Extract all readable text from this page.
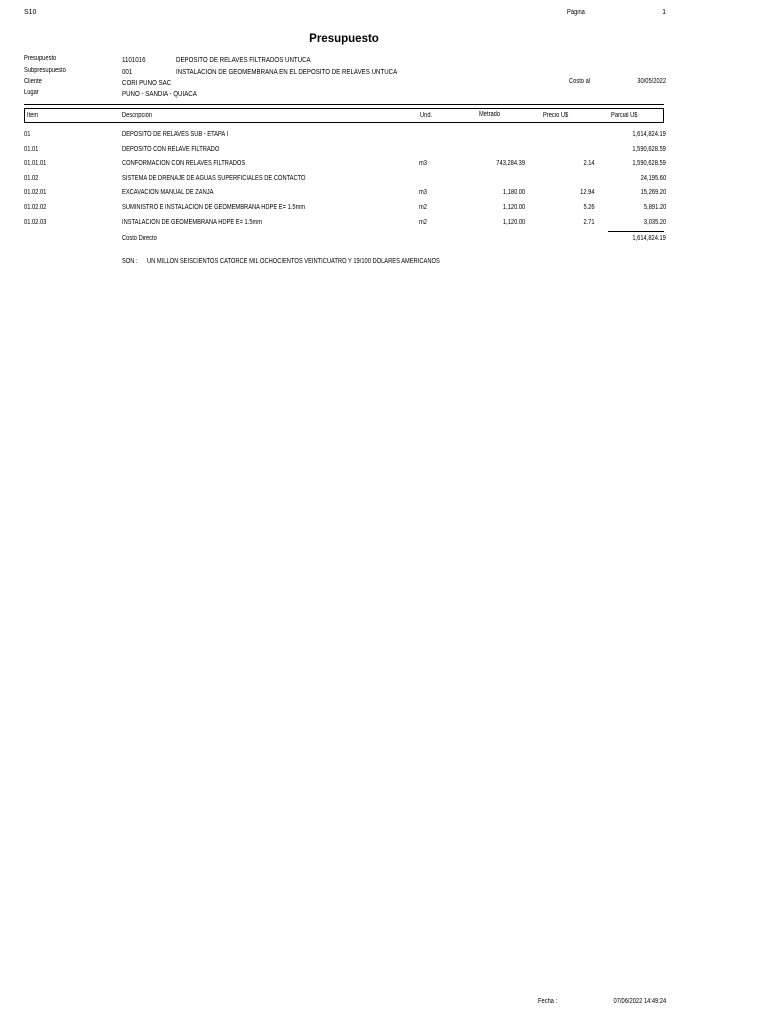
S10	Página	1
Presupuesto
Presupuesto	1101016	DEPOSITO DE RELAVES FILTRADOS UNTUCA
Subpresupuesto	001	INSTALACION DE GEOMEMBRANA EN EL DEPOSITO DE RELAVES UNTUCA
Cliente	CORI PUNO SAC	Costo al	30/05/2022
Lugar	PUNO - SANDIA - QUIACA
Item	Descripción	Und.	Metrado	Precio U$	Parcial U$
01	DEPOSITO DE RELAVES SUB - ETAPA I	1,614,824.19
01.01	DEPOSITO CON RELAVE FILTRADO	1,590,628.59
01.01.01	CONFORMACION CON RELAVES FILTRADOS	m3	743,284.39	2.14	1,590,628.59
01.02	SISTEMA DE DRENAJE DE AGUAS SUPERFICIALES DE CONTACTO	24,195.60
01.02.01	EXCAVACION MANUAL DE ZANJA	m3	1,180.00	12.94	15,269.20
01.02.02	SUMINISTRO E INSTALACION DE GEOMEMBRANA HDPE E= 1.5mm	m2	1,120.00	5.26	5,891.20
01.02.03	INSTALACION DE GEOMEMBRANA HDPE E= 1.5mm	m2	1,120.00	2.71	3,035.20
Costo Directo	1,614,824.19
SON :	UN MILLON SEISCIENTOS CATORCE MIL OCHOCIENTOS VEINTICUATRO Y 19/100 DOLARES AMERICANOS
Fecha :	07/06/2022 14:49:24
